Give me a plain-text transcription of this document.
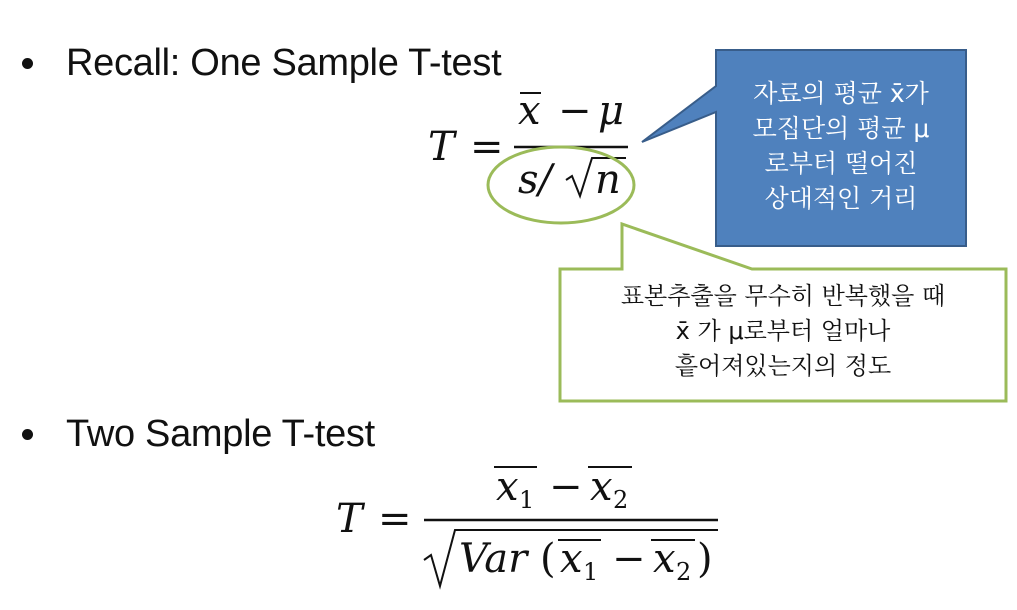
Recall: One Sample T-test
Two Sample T-test
T =
x − μ
s/ n
자료의 평균 x̄가
모집단의 평균 μ
로부터 떨어진
상대적인 거리
표본추출을 무수히 반복했을 때
x̄ 가 μ로부터 얼마나
흩어져있는지의 정도
T =
x 1 − x 2
Var ( x 1 − x 2 )
